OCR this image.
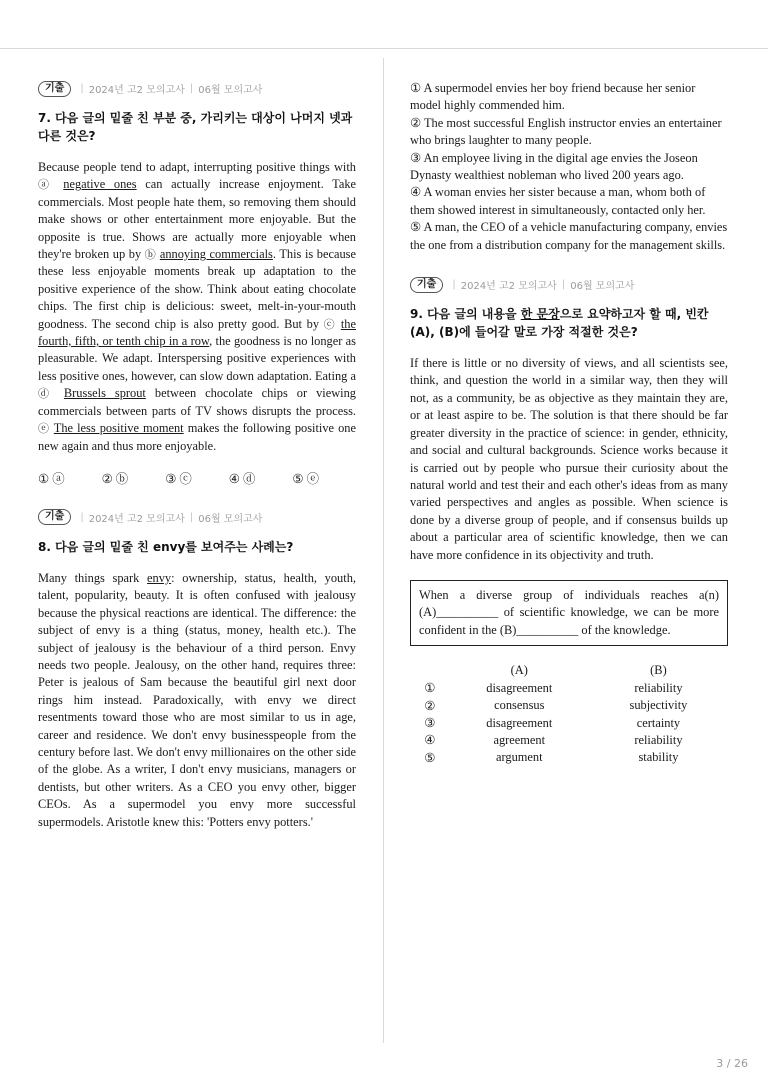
기출	| 2024년 고2 모의고사 | 06월 모의고사
7. 다음 글의 밑줄 친 부분 중, 가리키는 대상이 나머지 넷과 다른 것은?

Because people tend to adapt, interrupting positive things with ⓐ negative ones can actually increase enjoyment. Take commercials. Most people hate them, so removing them should make shows or other entertainment more enjoyable. But the opposite is true. Shows are actually more enjoyable when they're broken up by ⓑ annoying commercials. This is because these less enjoyable moments break up adaptation to the positive experience of the show. Think about eating chocolate chips. The first chip is delicious: sweet, melt-in-your-mouth goodness. The second chip is also pretty good. But by ⓒ the fourth, fifth, or tenth chip in a row, the goodness is no longer as pleasurable. We adapt. Interspersing positive experiences with less positive ones, however, can slow down adaptation. Eating a ⓓ Brussels sprout between chocolate chips or viewing commercials between parts of TV shows disrupts the process. ⓔ The less positive moment makes the following positive one new again and thus more enjoyable.

① ⓐ	② ⓑ	③ ⓒ	④ ⓓ	⑤ ⓔ
기출	| 2024년 고2 모의고사 | 06월 모의고사
8. 다음 글의 밑줄 친 envy를 보여주는 사례는?

Many things spark envy: ownership, status, health, youth, talent, popularity, beauty. It is often confused with jealousy because the physical reactions are identical. The difference: the subject of envy is a thing (status, money, health etc.). The subject of jealousy is the behaviour of a third person. Envy needs two people. Jealousy, on the other hand, requires three: Peter is jealous of Sam because the beautiful girl next door rings him instead. Paradoxically, with envy we direct resentments toward those who are most similar to us in age, career and residence. We don't envy businesspeople from the century before last. We don't envy millionaires on the other side of the globe. As a writer, I don't envy musicians, managers or dentists, but other writers. As a CEO you envy other, bigger CEOs. As a supermodel you envy more successful supermodels. Aristotle knew this: 'Potters envy potters.'

① A supermodel envies her boy friend because her senior model highly commended him.

② The most successful English instructor envies an entertainer who brings laughter to many people.

③ An employee living in the digital age envies the Joseon Dynasty wealthiest nobleman who lived 200 years ago.

④ A woman envies her sister because a man, whom both of them showed interest in simultaneously, contacted only her.

⑤ A man, the CEO of a vehicle manufacturing company, envies the one from a distribution company for the management skills.

기출	| 2024년 고2 모의고사 | 06월 모의고사
9. 다음 글의 내용을 한 문장으로 요약하고자 할 때, 빈칸 (A), (B)에 들어갈 말로 가장 적절한 것은?

If there is little or no diversity of views, and all scientists see, think, and question the world in a similar way, then they will not, as a community, be as objective as they maintain they are, or at least aspire to be. The solution is that there should be far greater diversity in the practice of science: in gender, ethnicity, and social and cultural backgrounds. Science works because it is carried out by people who pursue their curiosity about the natural world and test their and each other's ideas from as many varied perspectives and angles as possible. When science is done by a diverse group of people, and if consensus builds up about a particular area of scientific knowledge, then we can have more confidence in its objectivity and truth.

When a diverse group of individuals reaches a(n) (A)__________ of scientific knowledge, we can be more confident in the (B)__________ of the knowledge.
	(A)	(B)
①	disagreement	reliability
②	consensus	subjectivity
③	disagreement	certainty
④	agreement	reliability
⑤	argument	stability
3 / 26
